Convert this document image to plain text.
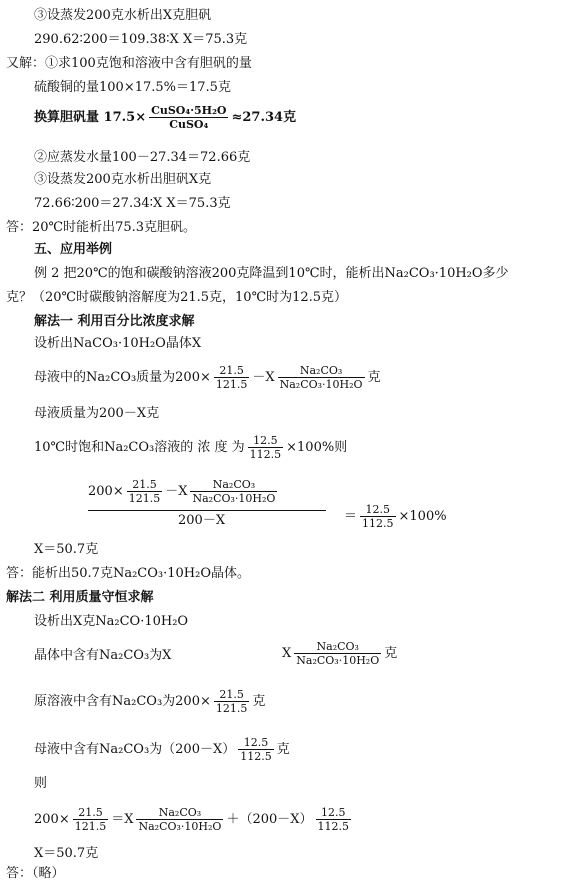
③设蒸发200克水析出X克胆矾
290.62∶200＝109.38∶X X＝75.3克
又解：①求100克饱和溶液中含有胆矾的量
硫酸铜的量100×17.5%＝17.5克
换算胆矾量 $17.5\times \frac{\text{CuSO₄·5H₂O}}{\text{CuSO₄}} \approx 27.34$克
②应蒸发水量100－27.34＝72.66克
③设蒸发200克水析出胆矾X克
72.66∶200＝27.34∶X X＝75.3克
答：20℃时能析出75.3克胆矾。
五、应用举例
例 2 把20℃的饱和碳酸钠溶液200克降温到10℃时，能析出Na₂CO₃·10H₂O多少
克？（20℃时碳酸钠溶解度为21.5克，10℃时为12.5克）
解法一 利用百分比浓度求解
设析出NaCO₃·10H₂O晶体X
母液中的Na₂CO₃质量为$200\times \frac{21.5}{121.5} -X \frac{\text{Na₂CO₃}}{\text{Na₂CO₃·10H₂O}}$ 克
母液质量为200－X克
10℃时饱和Na₂CO₃溶液的 浓 度 为 $\frac{12.5}{112.5} \times 100\%$则
$200\times \frac{21.5}{121.5} -X \frac{\text{Na₂CO₃}}{\text{Na₂CO₃·10H₂O}}$
200－X	＝ $\frac{12.5}{112.5} \times 100\%$
X＝50.7克
答：能析出50.7克Na₂CO₃·10H₂O晶体。
解法二 利用质量守恒求解
设析出X克Na₂CO·10H₂O
晶体中含有Na₂CO₃为X	X $\frac{\text{Na₂CO₃}}{\text{Na₂CO₃·10H₂O}}$ 克
原溶液中含有Na₂CO₃为$200\times \frac{21.5}{121.5}$ 克
母液中含有Na₂CO₃为$(200-X) \frac{12.5}{112.5}$ 克
则
$200\times \frac{21.5}{121.5} =X \frac{\text{Na₂CO₃}}{\text{Na₂CO₃·10H₂O}} +(200-X) \frac{12.5}{112.5}$
X＝50.7克
答：（略）
